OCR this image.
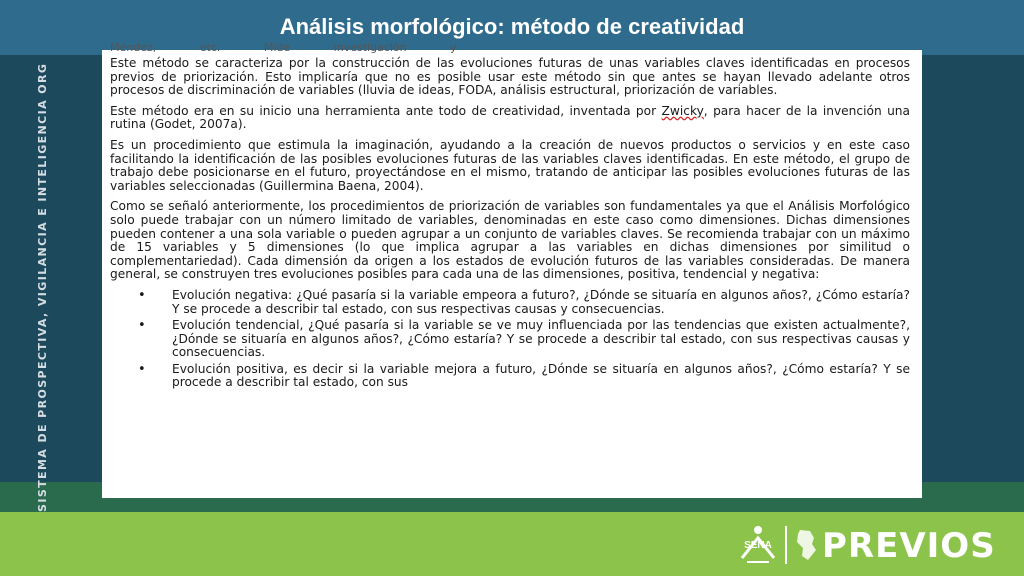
Análisis morfológico: método de creatividad
SISTEMA DE PROSPECTIVA, VIGILANCIA E INTELIGENCIA ORG
Méndez, etc. Mide investigación y

Este método se caracteriza por la construcción de las evoluciones futuras de unas variables claves identificadas en procesos previos de priorización. Esto implicaría que no es posible usar este método sin que antes se hayan llevado adelante otros procesos de discriminación de variables (lluvia de ideas, FODA, análisis estructural, priorización de variables.

Este método era en su inicio una herramienta ante todo de creatividad, inventada por Zwicky, para hacer de la invención una rutina (Godet, 2007a).

Es un procedimiento que estimula la imaginación, ayudando a la creación de nuevos productos o servicios y en este caso facilitando la identificación de las posibles evoluciones futuras de las variables claves identificadas. En este método, el grupo de trabajo debe posicionarse en el futuro, proyectándose en el mismo, tratando de anticipar las posibles evoluciones futuras de las variables seleccionadas (Guillermina Baena, 2004).

Como se señaló anteriormente, los procedimientos de priorización de variables son fundamentales ya que el Análisis Morfológico solo puede trabajar con un número limitado de variables, denominadas en este caso como dimensiones. Dichas dimensiones pueden contener a una sola variable o pueden agrupar a un conjunto de variables claves. Se recomienda trabajar con un máximo de 15 variables y 5 dimensiones (lo que implica agrupar a las variables en dichas dimensiones por similitud o complementariedad). Cada dimensión da origen a los estados de evolución futuros de las variables consideradas. De manera general, se construyen tres evoluciones posibles para cada una de las dimensiones, positiva, tendencial y negativa:

• Evolución negativa: ¿Qué pasaría si la variable empeora a futuro?, ¿Dónde se situaría en algunos años?, ¿Cómo estaría? Y se procede a describir tal estado, con sus respectivas causas y consecuencias.
• Evolución tendencial, ¿Qué pasaría si la variable se ve muy influenciada por las tendencias que existen actualmente?, ¿Dónde se situaría en algunos años?, ¿Cómo estaría? Y se procede a describir tal estado, con sus respectivas causas y consecuencias.
• Evolución positiva, es decir si la variable mejora a futuro, ¿Dónde se situaría en algunos años?, ¿Cómo estaría? Y se procede a describir tal estado, con sus
SENA PREVIOS
